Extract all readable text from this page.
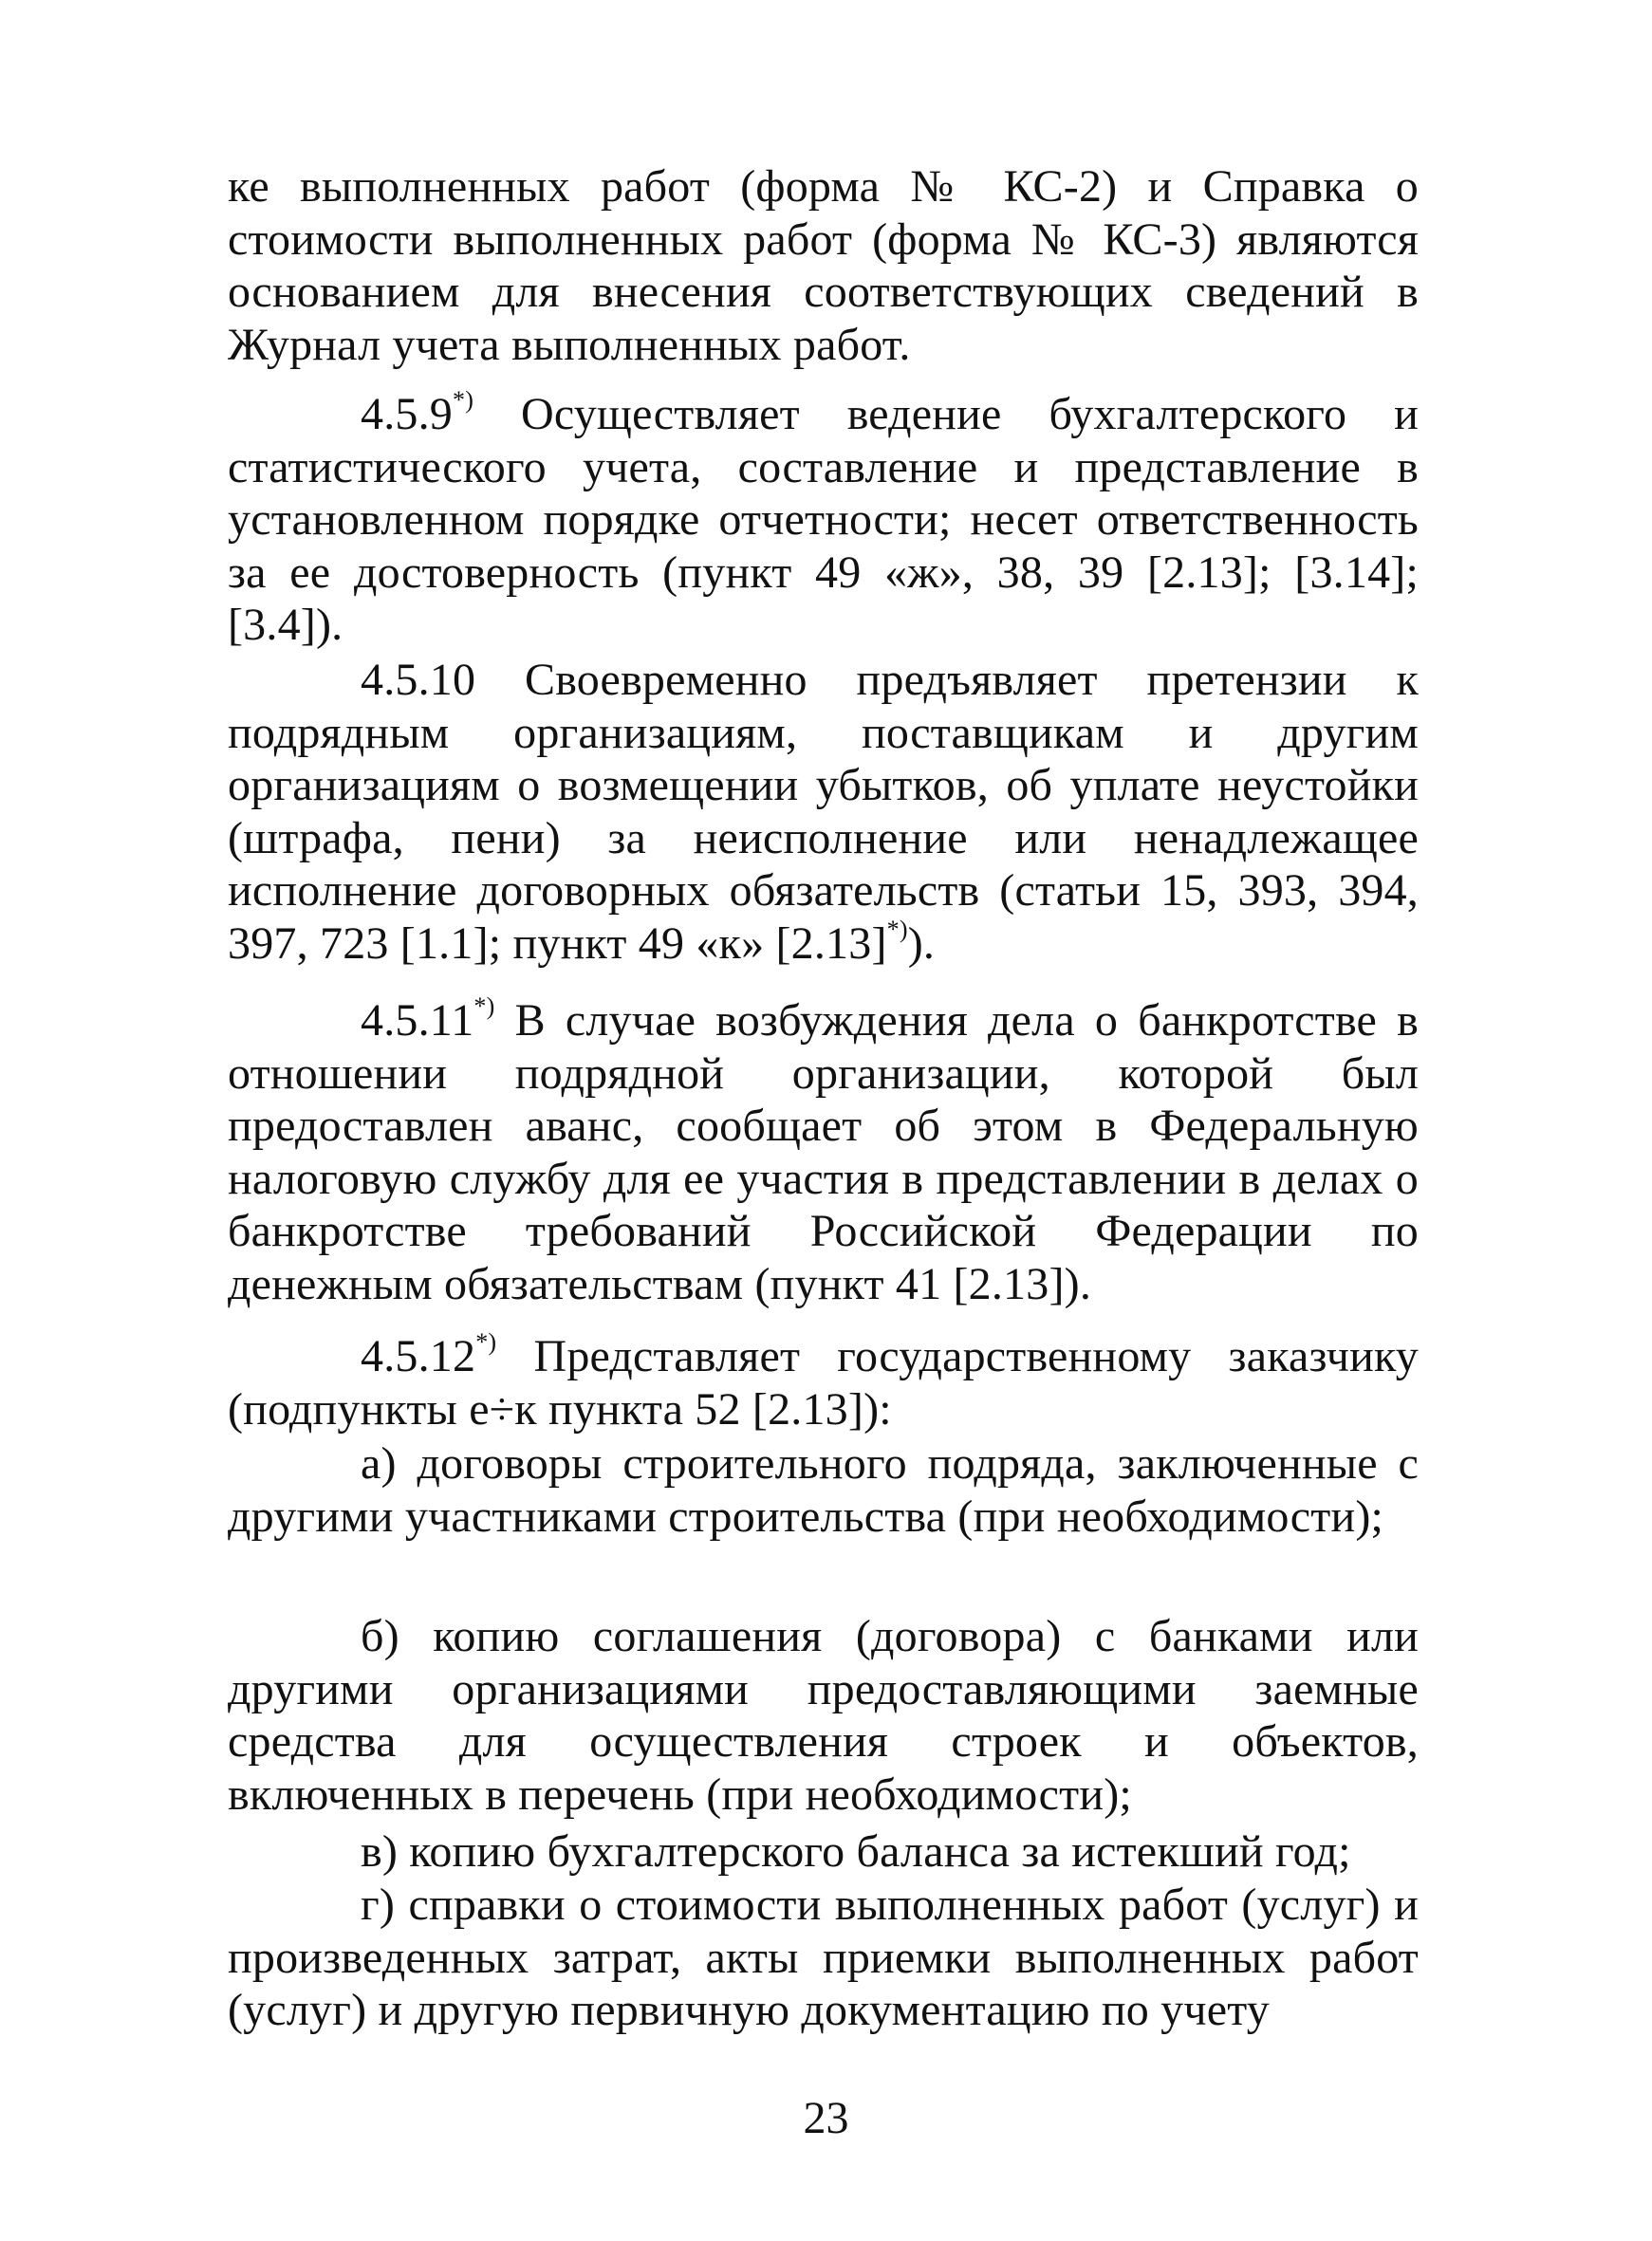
ке выполненных работ (форма № КС-2) и Справка о стоимости выполненных работ (форма № КС-3) являются основанием для внесения соответствующих сведений в Журнал учета выполненных работ.

4.5.9*) Осуществляет ведение бухгалтерского и статистического учета, составление и представление в установленном порядке отчетности; несет ответственность за ее достоверность (пункт 49 «ж», 38, 39 [2.13]; [3.14]; [3.4]).

4.5.10 Своевременно предъявляет претензии к подрядным организациям, поставщикам и другим организациям о возмещении убытков, об уплате неустойки (штрафа, пени) за неисполнение или ненадлежащее исполнение договорных обязательств (статьи 15, 393, 394, 397, 723 [1.1]; пункт 49 «к» [2.13]*)).

4.5.11*) В случае возбуждения дела о банкротстве в отношении подрядной организации, которой был предоставлен аванс, сообщает об этом в Федеральную налоговую службу для ее участия в представлении в делах о банкротстве требований Российской Федерации по денежным обязательствам (пункт 41 [2.13]).

4.5.12*) Представляет государственному заказчику (подпункты е÷к пункта 52 [2.13]):

а) договоры строительного подряда, заключенные с другими участниками строительства (при необходимости);

б) копию соглашения (договора) с банками или другими организациями предоставляющими заемные средства для осуществления строек и объектов, включенных в перечень (при необходимости);

в) копию бухгалтерского баланса за истекший год;

г) справки о стоимости выполненных работ (услуг) и произведенных затрат, акты приемки выполненных работ (услуг) и другую первичную документацию по учету

23
